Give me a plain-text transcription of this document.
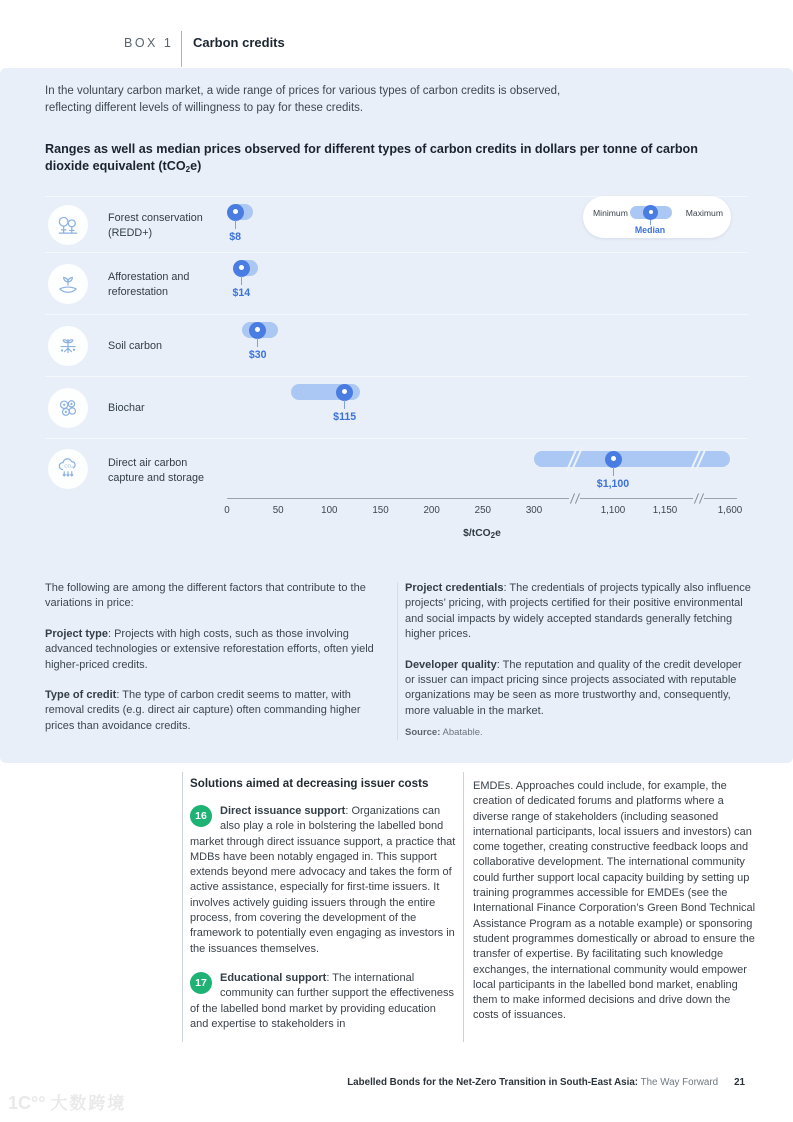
BOX 1 Carbon credits
In the voluntary carbon market, a wide range of prices for various types of carbon credits is observed, reflecting different levels of willingness to pay for these credits.
Ranges as well as median prices observed for different types of carbon credits in dollars per tonne of carbon dioxide equivalent (tCO$_2$e)
Forest conservation (REDD+)	$8
Afforestation and reforestation	$14
Soil carbon
$30
Biochar
$115
CO₂	Direct air carbon capture and storage
$1,100
Minimum	Maximum
Median
0	50	100	150	200	250	300	1,100	1,150	1,600
$/tCO$_2$e

The following are among the different factors that contribute to the variations in price:

Project type: Projects with high costs, such as those involving advanced technologies or extensive reforestation efforts, often yield higher-priced credits.

Type of credit: The type of carbon credit seems to matter, with removal credits (e.g. direct air capture) often commanding higher prices than avoidance credits.

Project credentials: The credentials of projects typically also influence projects’ pricing, with projects certified for their positive environmental and social impacts by widely accepted standards generally fetching higher prices.

Developer quality: The reputation and quality of the credit developer or issuer can impact pricing since projects associated with reputable organizations may be seen as more trustworthy and, consequently, more valuable in the market.

Source: Abatable.
Solutions aimed at decreasing issuer costs
16	Direct issuance support: Organizations can also play a role in bolstering the labelled bond market through direct issuance support, a practice that MDBs have been notably engaged in. This support extends beyond mere advocacy and takes the form of active assistance, especially for first-time issuers. It involves actively guiding issuers through the entire process, from covering the development of the framework to potentially even engaging as investors in the issuances themselves.
17	Educational support: The international community can further support the effectiveness of the labelled bond market by providing education and expertise to stakeholders in
EMDEs. Approaches could include, for example, the creation of dedicated forums and platforms where a diverse range of stakeholders (including seasoned international participants, local issuers and investors) can come together, creating constructive feedback loops and collaborative development. The international community could further support local capacity building by setting up training programmes accessible for EMDEs (see the International Finance Corporation’s Green Bond Technical Assistance Program as a notable example) or sponsoring student programmes domestically or abroad to ensure the transfer of expertise. By facilitating such knowledge exchanges, the international community would empower local participants in the labelled bond market, enabling them to make informed decisions and drive down the costs of issuances.
Labelled Bonds for the Net-Zero Transition in South-East Asia: The Way Forward 21
1Ϲ°° 大数跨境
